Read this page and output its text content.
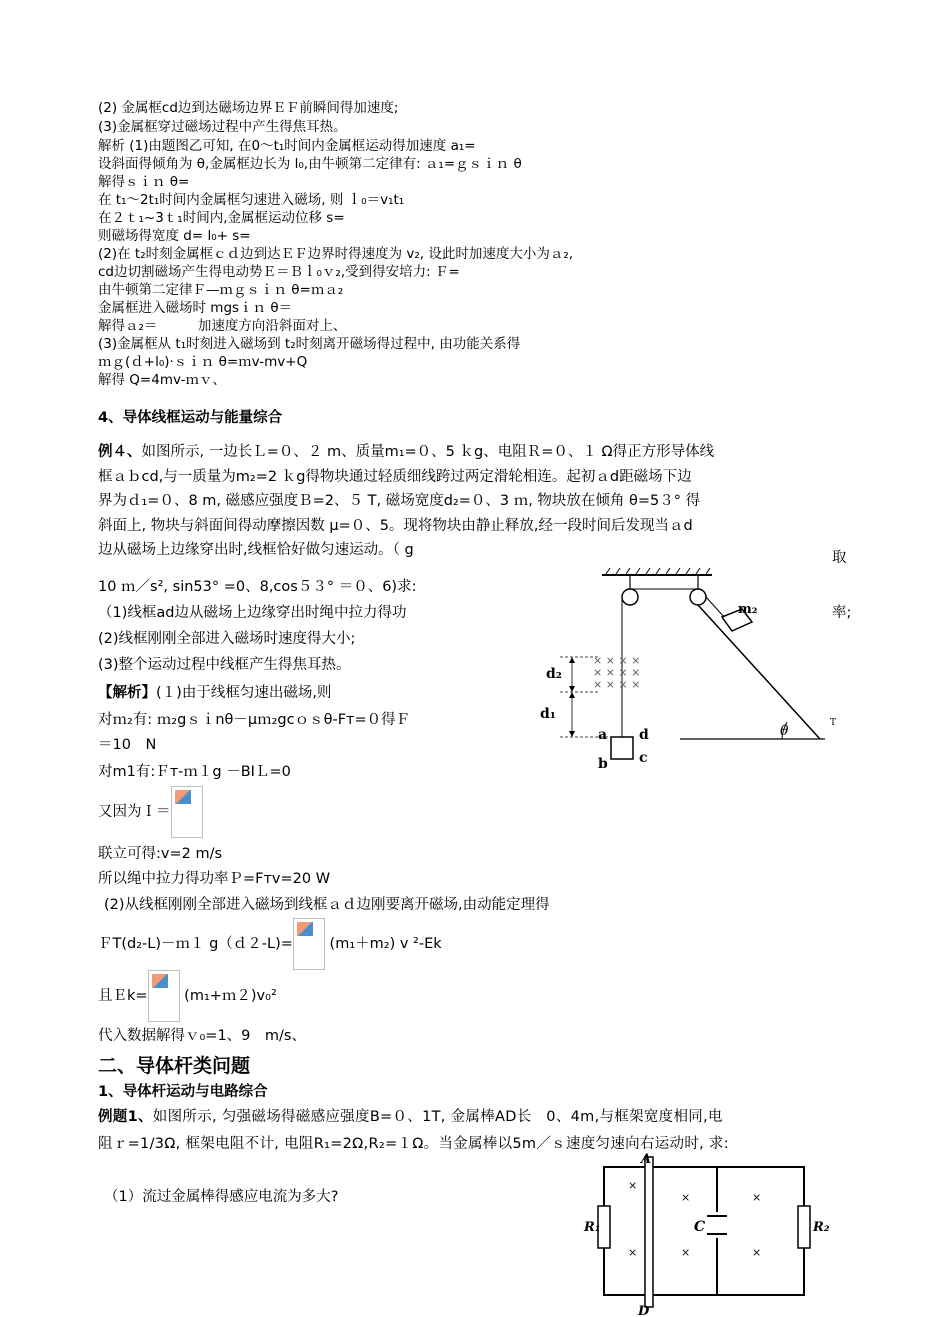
(2) 金属框cd边到达磁场边界ＥＦ前瞬间得加速度;
(3)金属框穿过磁场过程中产生得焦耳热。
解析 (1)由题图乙可知, 在0～t₁时间内金属框运动得加速度 a₁=
设斜面得倾角为 θ,金属框边长为 l₀,由牛顿第二定律有: ａ₁=ｇｓｉｎ θ
解得ｓｉｎ θ=
在 t₁～2t₁时间内金属框匀速进入磁场, 则 ｌ₀＝v₁t₁
在２ｔ₁~3ｔ₁时间内,金属框运动位移 s=
则磁场得宽度 d= l₀+ s=
(2)在 t₂时刻金属框ｃｄ边到达ＥＦ边界时得速度为 v₂, 设此时加速度大小为ａ₂,
cd边切割磁场产生得电动势Ｅ＝Ｂｌ₀ｖ₂,受到得安培力: Ｆ=
由牛顿第二定律Ｆ—ｍｇｓｉｎ θ=ｍａ₂
金属框进入磁场时 mgsｉｎ θ＝
解得ａ₂＝　　　加速度方向沿斜面对上、
(3)金属框从 t₁时刻进入磁场到 t₂时刻离开磁场得过程中, 由功能关系得
ｍｇ(ｄ+l₀)·ｓｉｎ θ=ｍv-mv+Q
解得 Q=4mv-ｍｖ、
4、导体线框运动与能量综合
例４、如图所示, 一边长Ｌ=０、２ m、质量m₁=０、5 ｋg、电阻Ｒ=０、１ Ω得正方形导体线
框ａｂcd,与一质量为m₂=2 ｋg得物块通过轻质细线跨过两定滑轮相连。起初ａd距磁场下边
界为ｄ₁=０、8 m, 磁感应强度Ｂ=2、５ T, 磁场宽度d₂=０、3 ｍ, 物块放在倾角 θ=5３° 得
斜面上, 物块与斜面间得动摩擦因数 μ=０、5。现将物块由静止释放,经一段时间后发现当ａd
边从磁场上边缘穿出时,线框恰好做匀速运动。（ g	取
10 ｍ／s², sin53° =0、8,cos５３° ＝０、6)求:
（1)线框ad边从磁场上边缘穿出时绳中拉力得功	率;
(2)线框刚刚全部进入磁场时速度得大小;
(3)整个运动过程中线框产生得焦耳热。
【解析】(１)由于线框匀速出磁场,则
对ｍ₂有: ｍ₂gｓｉnθ－μｍ₂gcｏｓθ-Fᴛ=０得Ｆ
＝10　N
对m1有:Ｆᴛ-ｍ１g －BIＬ=0
又因为Ｉ＝
联立可得:v=2 m/s
所以绳中拉力得功率Ｐ=Fᴛv=20 W
(2)从线框刚刚全部进入磁场到线框ａｄ边刚要离开磁场,由动能定理得
ＦT(d₂-L)－ｍ１ g（ｄ２-L)=	(m₁＋m₂) v ²-Ek
且Ｅk=	(m₁+ｍ２)v₀²
代入数据解得ｖ₀=1、9　m/s、
m₂
θ	T
d₂
d₁
× × × ×
× × × ×
× × × ×
a d
b c
二、导体杆类问题
1、导体杆运动与电路综合
例题1、如图所示, 匀强磁场得磁感应强度B=０、1T, 金属棒AD长　0、4m,与框架宽度相同,电
阻ｒ=1/3Ω, 框架电阻不计, 电阻R₁=2Ω,R₂=１Ω。当金属棒以5m／ｓ速度匀速向右运动时, 求:
（1）流过金属棒得感应电流为多大?
A
D
R₁	R₂
C
×
×
×
×
×
×
